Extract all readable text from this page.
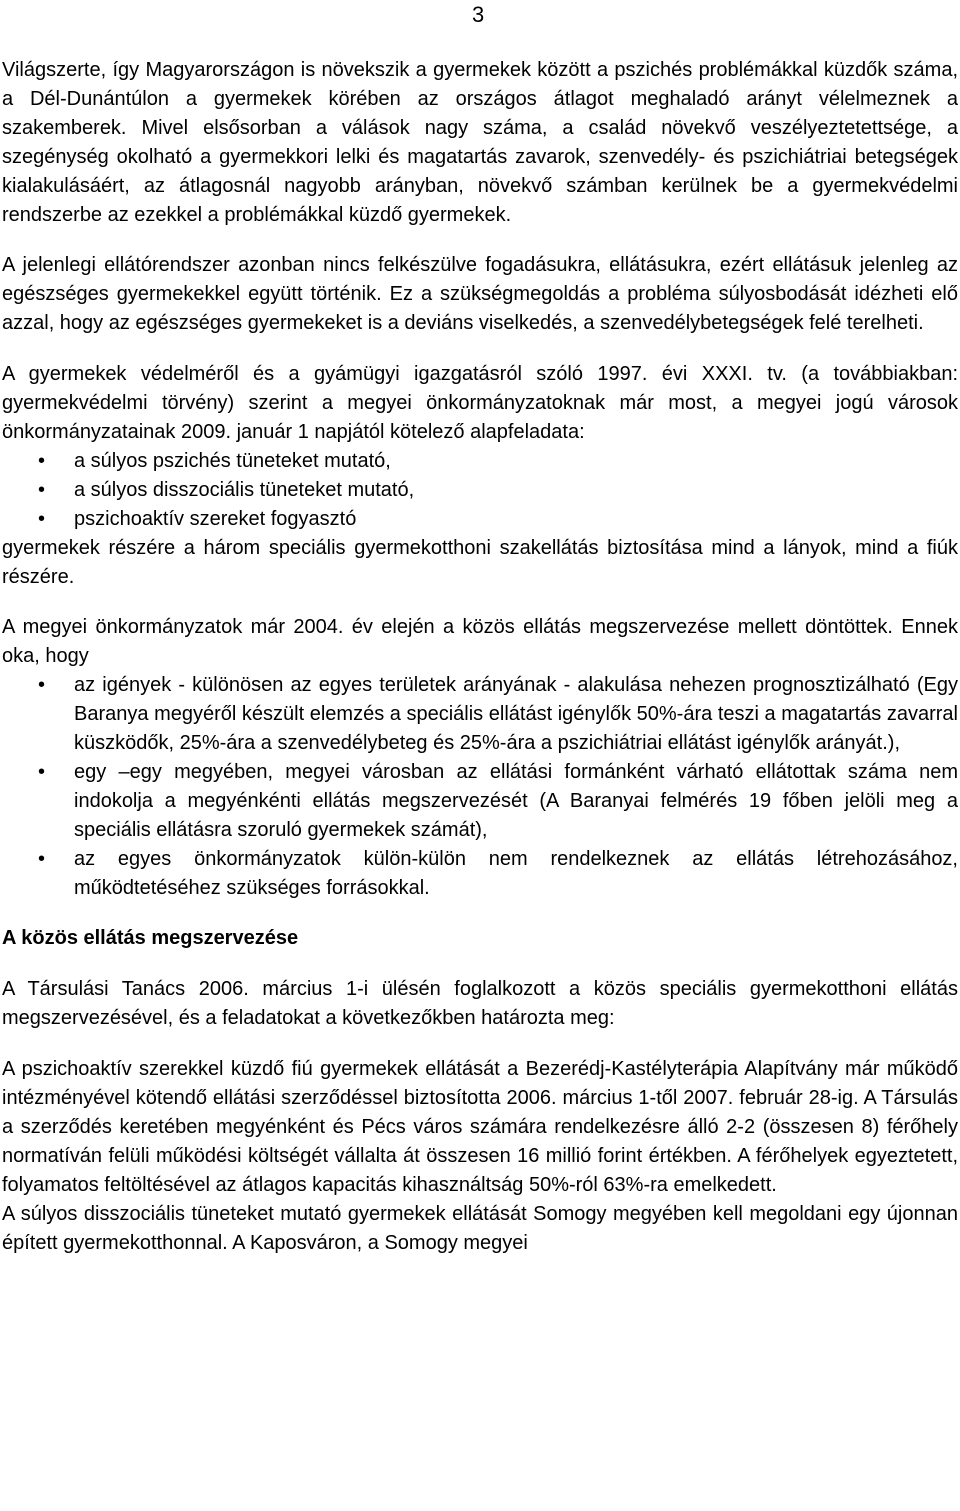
3

Világszerte, így Magyarországon is növekszik a gyermekek között a pszichés problémákkal küzdők száma, a Dél-Dunántúlon a gyermekek körében az országos átlagot meghaladó arányt vélelmeznek a szakemberek. Mivel elsősorban a válások nagy száma, a család növekvő veszélyeztetettsége, a szegénység okolható a gyermekkori lelki és magatartás zavarok, szenvedély- és pszichiátriai betegségek kialakulásáért, az átlagosnál nagyobb arányban, növekvő számban kerülnek be a gyermekvédelmi rendszerbe az ezekkel a problémákkal küzdő gyermekek.

A jelenlegi ellátórendszer azonban nincs felkészülve fogadásukra, ellátásukra, ezért ellátásuk jelenleg az egészséges gyermekekkel együtt történik. Ez a szükségmegoldás a probléma súlyosbodását idézheti elő azzal, hogy az egészséges gyermekeket is a deviáns viselkedés, a szenvedélybetegségek felé terelheti.

A gyermekek védelméről és a gyámügyi igazgatásról szóló 1997. évi XXXI. tv. (a továbbiakban: gyermekvédelmi törvény) szerint a megyei önkormányzatoknak már most, a megyei jogú városok önkormányzatainak 2009. január 1 napjától kötelező alapfeladata:

• a súlyos pszichés tüneteket mutató,
• a súlyos disszociális tüneteket mutató,
• pszichoaktív szereket fogyasztó

gyermekek részére a három speciális gyermekotthoni szakellátás biztosítása mind a lányok, mind a fiúk részére.

A megyei önkormányzatok már 2004. év elején a közös ellátás megszervezése mellett döntöttek. Ennek oka, hogy

• az igények - különösen az egyes területek arányának - alakulása nehezen prognosztizálható (Egy Baranya megyéről készült elemzés a speciális ellátást igénylők 50%-ára teszi a magatartás zavarral küszködők, 25%-ára a szenvedélybeteg és 25%-ára a pszichiátriai ellátást igénylők arányát.),
• egy –egy megyében, megyei városban az ellátási formánként várható ellátottak száma nem indokolja a megyénkénti ellátás megszervezését (A Baranyai felmérés 19 főben jelöli meg a speciális ellátásra szoruló gyermekek számát),
• az egyes önkormányzatok külön-külön nem rendelkeznek az ellátás létrehozásához, működtetéséhez szükséges forrásokkal.
A közös ellátás megszervezése

A Társulási Tanács 2006. március 1-i ülésén foglalkozott a közös speciális gyermekotthoni ellátás megszervezésével, és a feladatokat a következőkben határozta meg:

A pszichoaktív szerekkel küzdő fiú gyermekek ellátását a Bezerédj-Kastélyterápia Alapítvány már működő intézményével kötendő ellátási szerződéssel biztosította 2006. március 1-től 2007. február 28-ig. A Társulás a szerződés keretében megyénként és Pécs város számára rendelkezésre álló 2-2 (összesen 8) férőhely normatíván felüli működési költségét vállalta át összesen 16 millió forint értékben. A férőhelyek egyeztetett, folyamatos feltöltésével az átlagos kapacitás kihasználtság 50%-ról 63%-ra emelkedett.

A súlyos disszociális tüneteket mutató gyermekek ellátását Somogy megyében kell megoldani egy újonnan épített gyermekotthonnal. A Kaposváron, a Somogy megyei
